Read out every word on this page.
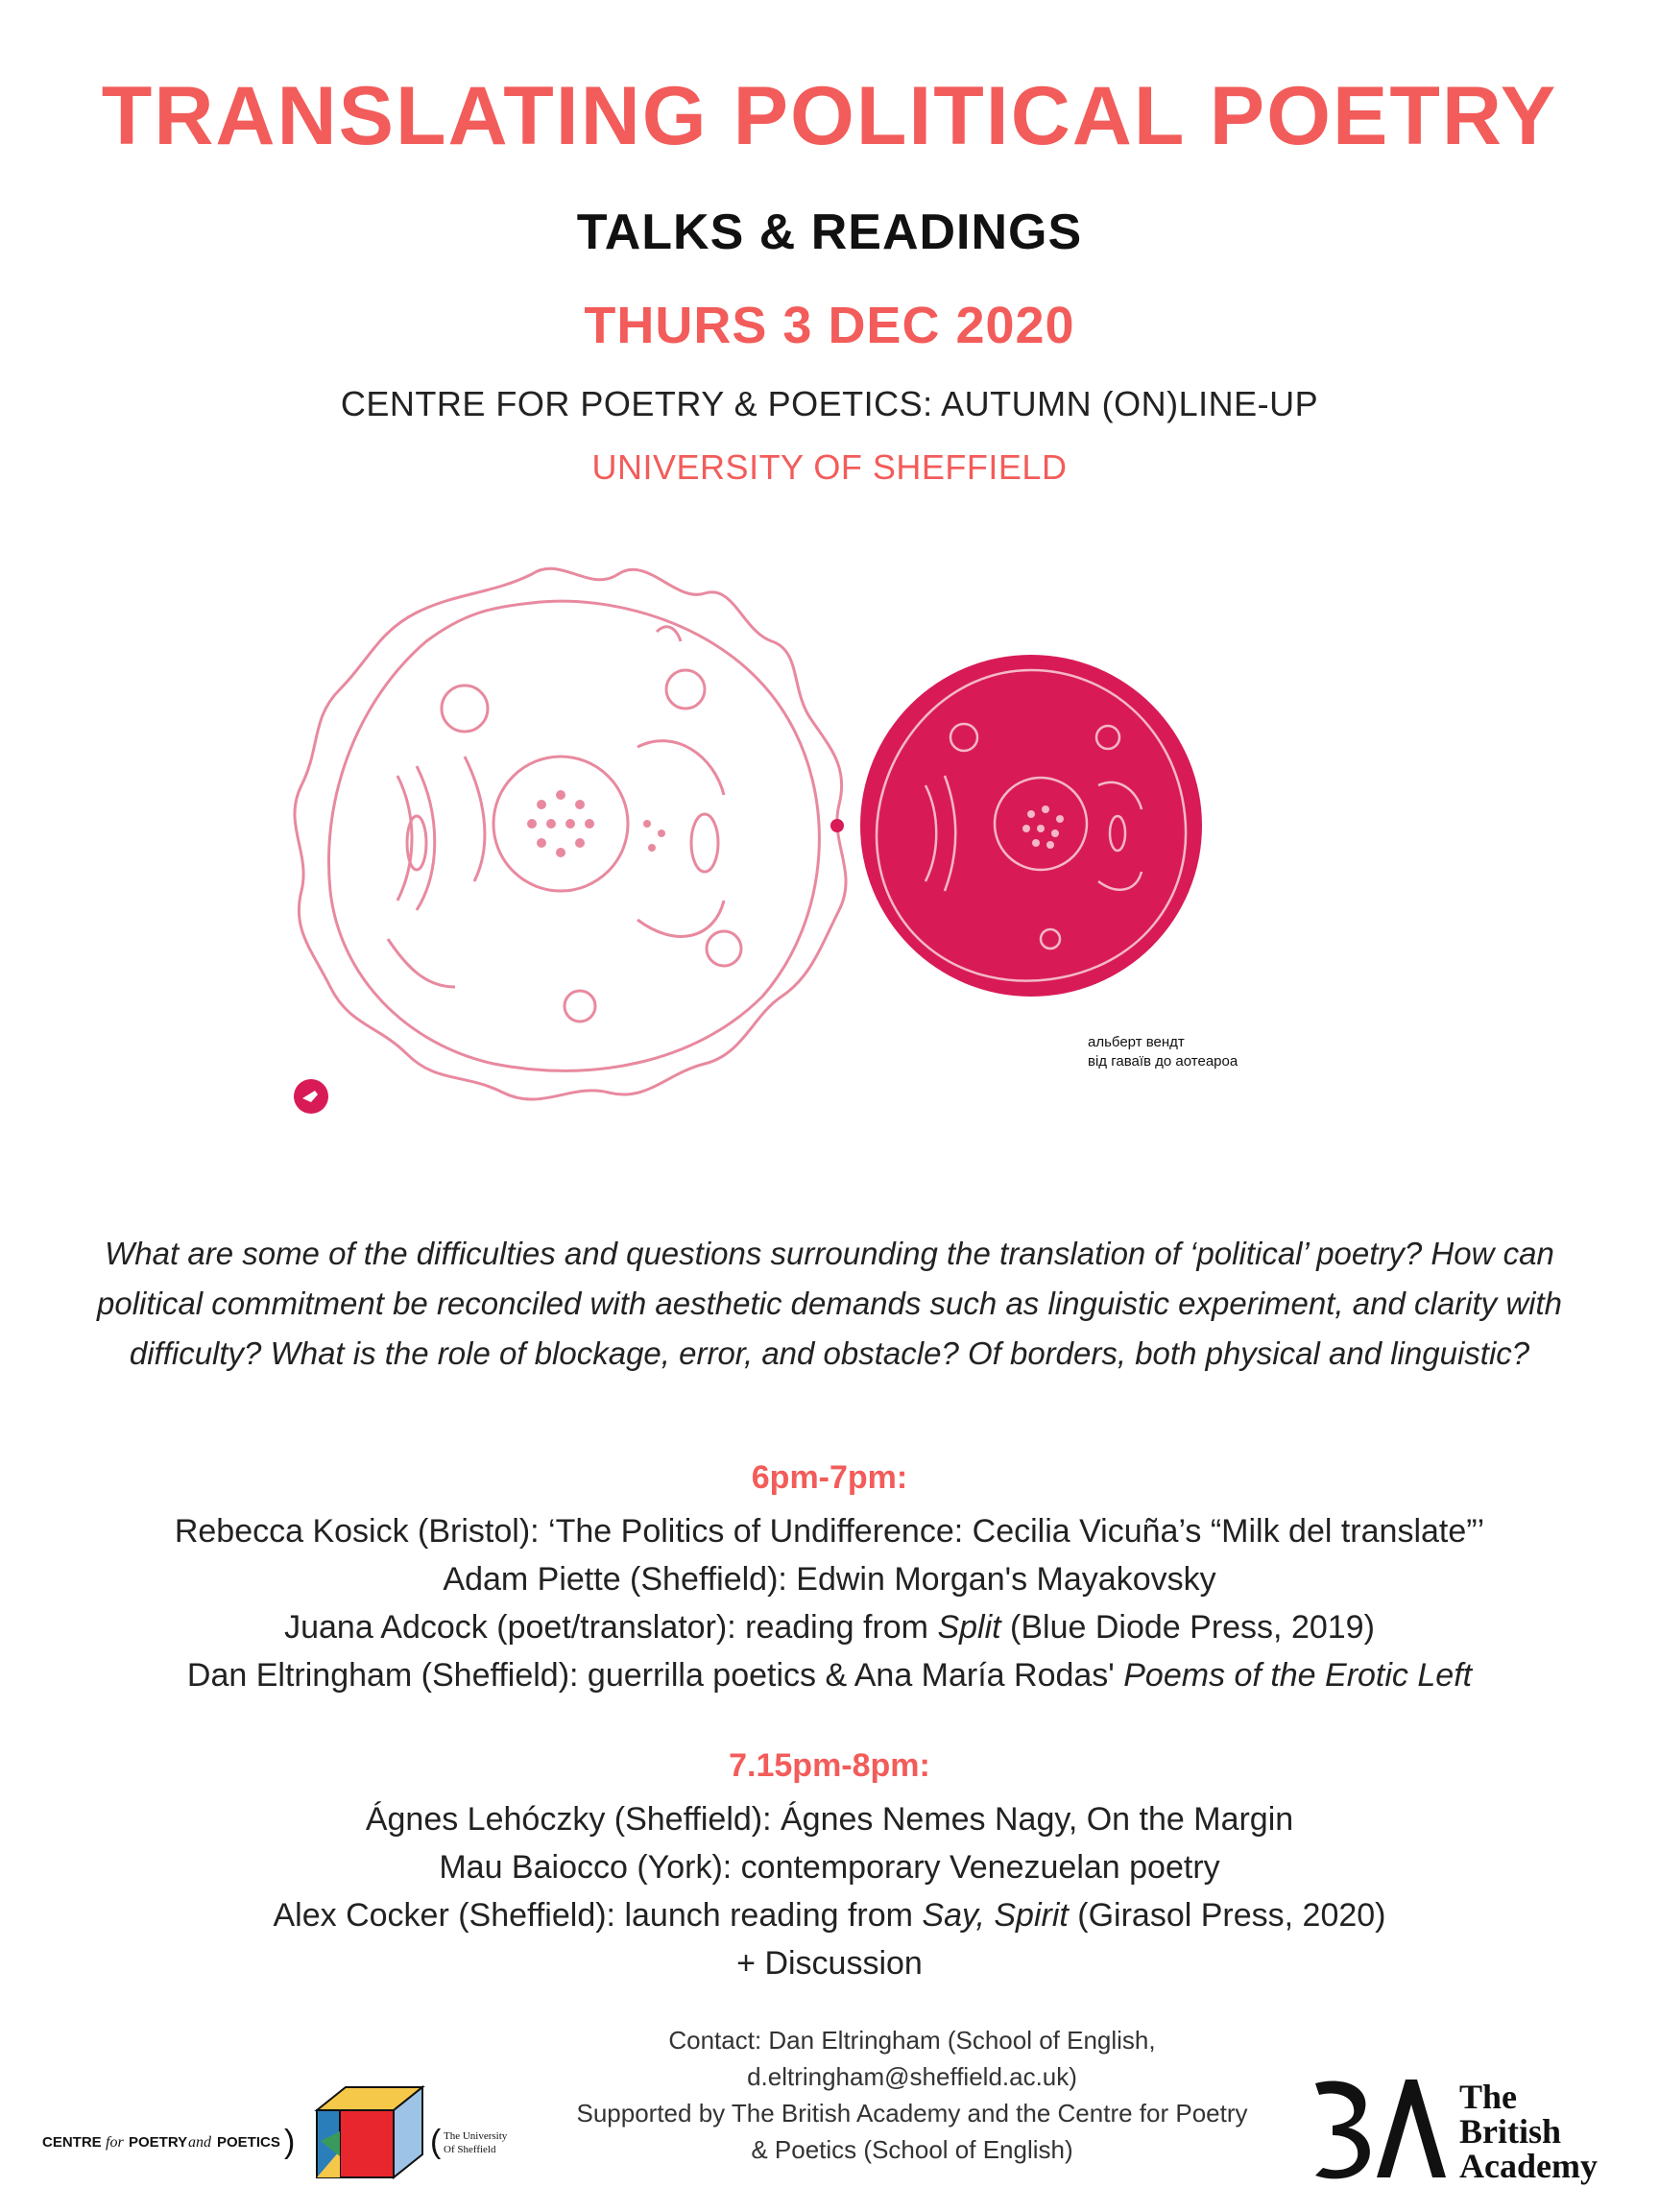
TRANSLATING POLITICAL POETRY
TALKS & READINGS
THURS 3 DEC 2020
CENTRE FOR POETRY & POETICS: AUTUMN (ON)LINE-UP
UNIVERSITY OF SHEFFIELD
альберт вендт
від гаваїв до аотеароа
What are some of the difficulties and questions surrounding the translation of ‘political’ poetry? How can
political commitment be reconciled with aesthetic demands such as linguistic experiment, and clarity with
difficulty? What is the role of blockage, error, and obstacle? Of borders, both physical and linguistic?
6pm-7pm:
Rebecca Kosick (Bristol): ‘The Politics of Undifference: Cecilia Vicuña’s “Milk del translate”’
Adam Piette (Sheffield): Edwin Morgan's Mayakovsky
Juana Adcock (poet/translator): reading from Split (Blue Diode Press, 2019)
Dan Eltringham (Sheffield): guerrilla poetics & Ana María Rodas' Poems of the Erotic Left
7.15pm-8pm:
Ágnes Lehóczky (Sheffield): Ágnes Nemes Nagy, On the Margin
Mau Baiocco (York): contemporary Venezuelan poetry
Alex Cocker (Sheffield): launch reading from Say, Spirit (Girasol Press, 2020)
+ Discussion
Contact: Dan Eltringham (School of English,
d.eltringham@sheffield.ac.uk)
Supported by The British Academy and the Centre for Poetry
& Poetics (School of English)
CENTRE for POETRY and POETICS )	( The University
Of Sheffield
The
British
Academy
